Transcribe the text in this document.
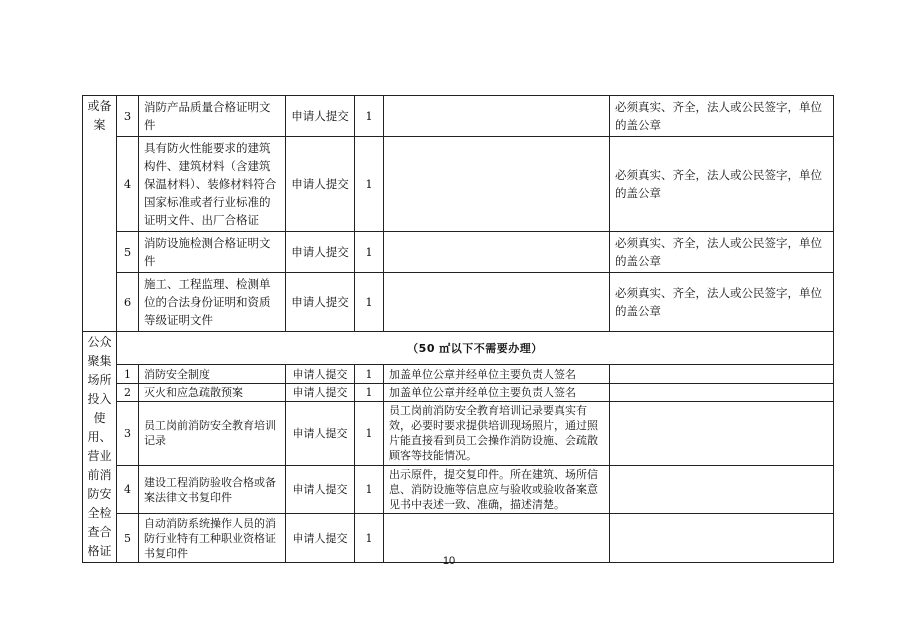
或备案	3	消防产品质量合格证明文件	申请人提交	1		必须真实、齐全，法人或公民签字，单位的盖公章
	4	具有防火性能要求的建筑构件、建筑材料（含建筑保温材料）、装修材料符合国家标准或者行业标准的证明文件、出厂合格证	申请人提交	1		必须真实、齐全，法人或公民签字，单位的盖公章
	5	消防设施检测合格证明文件	申请人提交	1		必须真实、齐全，法人或公民签字，单位的盖公章
	6	施工、工程监理、检测单位的合法身份证明和资质等级证明文件	申请人提交	1		必须真实、齐全，法人或公民签字，单位的盖公章
公众聚集场所投入使用、营业前消防安全检查合格证	（50 ㎡以下不需要办理）					
	1	消防安全制度	申请人提交	1	加盖单位公章并经单位主要负责人签名	
	2	灭火和应急疏散预案	申请人提交	1	加盖单位公章并经单位主要负责人签名	
	3	员工岗前消防安全教育培训记录	申请人提交	1	员工岗前消防安全教育培训记录要真实有效，必要时要求提供培训现场照片，通过照片能直接看到员工会操作消防设施、会疏散顾客等技能情况。	
	4	建设工程消防验收合格或备案法律文书复印件	申请人提交	1	出示原件，提交复印件。所在建筑、场所信息、消防设施等信息应与验收或验收备案意见书中表述一致、准确，描述清楚。	
	5	自动消防系统操作人员的消防行业特有工种职业资格证书复印件	申请人提交	1		
10
